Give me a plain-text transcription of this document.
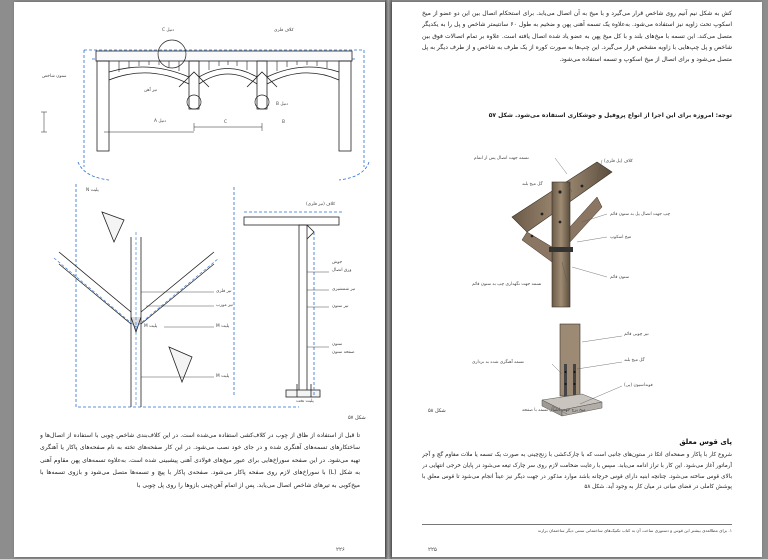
دتیل C	کلاف فلزی
ستون شاخص
تیر آهن
دتیل B
دتیل A	C	B
پلیت N
تیر فلزی
تیر مورب
پلیت M	پلیت M
پلیت M
کلاف (تیر فلزی)
جوش
ورق اتصال
تیر شمشیری
تیر ستون
ستون
صفحه ستون
پلیت تخت
شکل ۵۷
تا قبل از استفاده از ظاق از چوب در کلاف‌کشی استفاده می‌شده است. در این کلاف‌بندی شاخص چوبی با استفاده از اتصال‌ها و ساختکارهای تسمه‌های آهنگری شده و در جای خود نصب می‌شود. در این کار صفحه‌های تخته به نام صفحه‌های پاکار یا آهنگری تهیه می‌شود. در این صفحه سوراخ‌هایی برای عبور میخ‌های فولادی آهنی پیشبینی شده است. به‌علاوه تسمه‌های پهن مقاوم آهنی به شکل (L) با سوراخ‌های لازم روی صفحه پاکار می‌شود. صفحه‌ی پاکار با پیچ و تسمه‌ها متصل می‌شود و بازوی تسمه‌ها با میخ‌کوبی به تیرهای شاخص اتصال می‌یابد. پس از اتمام آهن‌چینی بازوها را روی پل چوبی با
۲۲۶
کش به شکل نیم آنیم روی شاخص قرار می‌گیرد و با میخ به آن اتصال می‌یابد. برای استحکام اتصال بین این دو عضو از میخ اسکوپ تحت زاویه نیز استفاده می‌شود. به‌علاوه یک تسمه آهنی پهن و ضخیم به طول ۶۰ سانتیمتر شاخص و پل را به یکدیگر متصل می‌کند. این تسمه با میخ‌های بلند و با کل میخ پهن به عضو یاد شده اتصال یافته است. علاوه بر تمام اتصالات فوق بین شاخص و پل چپ‌هایی با زاویه مشخص قرار می‌گیرد. این چپ‌ها به صورت کوره از یک طرف به شاخص و از طرف دیگر به پل متصل می‌شود و برای اتصال از میخ اسکوپ و تسمه استفاده می‌شود.
توجه: امروزه برای این اجرا از انواع پروفیل و جوشکاری استفاده می‌شود. شکل ۵۷
تسمه جهت اتصال پس از اتمام
کلاف (پل فلزی)
گل میخ بلند
چپ جهت اتصال پل به ستون قائم
میخ اسکوپ
تسمه جهت نگهداری چپ به ستون قائم
ستون قائم
تیر چوبی قائم
گل میخ بلند
تسمه آهنگری شده به نرداری
فونداسیون (پی)
میخ پرچ جهت اتصال تسمه با صفحه
شکل ۵۸
پای قوس معلق
شروع کار با پاکار و صفحه‌ای اتکا در ستون‌های جانبی است که با چارک‌کشی با زنج‌چینی به صورت یک تسمه یا ملات مقاوم گچ و آجر آرماتور آغاز می‌شود. این کار با تراز ادامه می‌یابد. سپس با رعایت ضخامت لازم روی سر چارک تیغه می‌شود در پایان خرجی انتهایی در بالای قوس ساخته می‌شود. چنانچه ابنیه دارای قوس خرچانه باشد موارد مذکور در جهت دیگر نیز عیناً انجام می‌شود تا قوس معلق با پوشش کاملی در فضای میانی در میان کار به وجود آید. شکل ۵۸
۱. برای مطالعه‌ی بیشتر این قوس و دستوری ساخت آن به کتاب تکنیک‌های ساختمانی سنتی دیگر ساختمان برازند
۲۲۵
